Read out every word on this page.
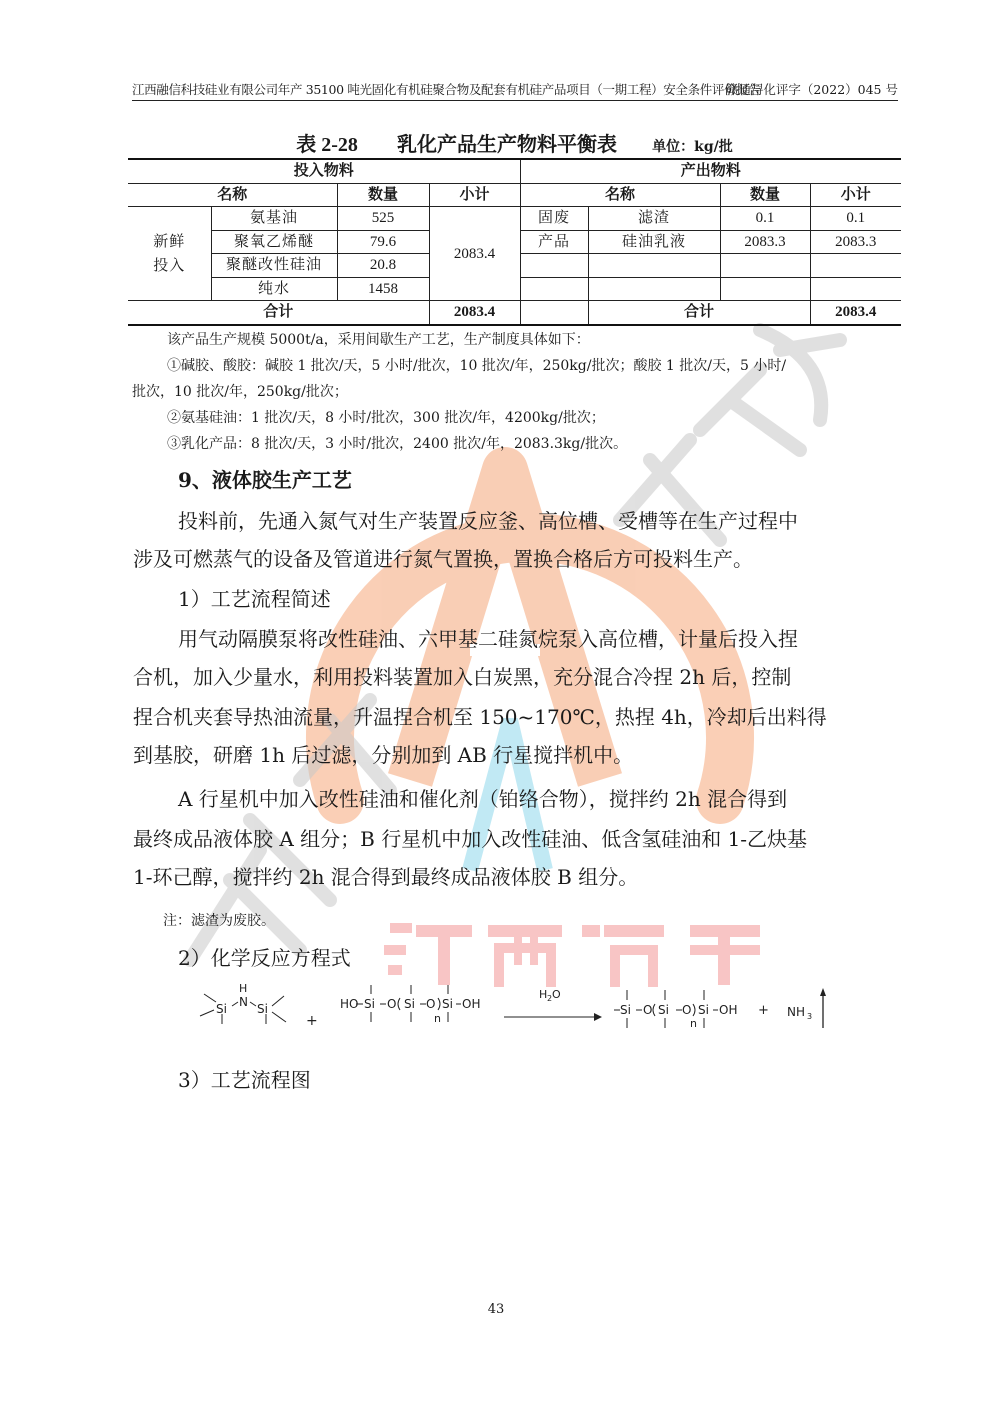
江西融信科技硅业有限公司年产 35100 吨光固化有机硅聚合物及配套有机硅产品项目（一期工程）安全条件评价报告
赣通浔化评字（2022）045 号
表 2-28 乳化产品生产物料平衡表	单位：kg/批
投入物料				产出物料			
名称		数量	小计	名称		数量	小计

新鲜
投入	氨基油	525	2083.4	固废	滤渣	0.1	0.1
	聚氧乙烯醚	79.6		产品	硅油乳液	2083.3	2083.3
	聚醚改性硅油	20.8					
	纯水	1458					
合计			2083.4		合计		2083.4
该产品生产规模 5000t/a，采用间歇生产工艺，生产制度具体如下：
①碱胶、酸胶：碱胶 1 批次/天，5 小时/批次，10 批次/年，250kg/批次；酸胶 1 批次/天，5 小时/
批次，10 批次/年，250kg/批次；
②氨基硅油：1 批次/天，8 小时/批次，300 批次/年，4200kg/批次；
③乳化产品：8 批次/天，3 小时/批次，2400 批次/年，2083.3kg/批次。
9、液体胶生产工艺
投料前，先通入氮气对生产装置反应釜、高位槽、受槽等在生产过程中
涉及可燃蒸气的设备及管道进行氮气置换，置换合格后方可投料生产。
1）工艺流程简述
用气动隔膜泵将改性硅油、六甲基二硅氮烷泵入高位槽，计量后投入捏
合机，加入少量水，利用投料装置加入白炭黑，充分混合冷捏 2h 后，控制
捏合机夹套导热油流量，升温捏合机至 150~170℃，热捏 4h，冷却后出料得
到基胶，研磨 1h 后过滤，分别加到 AB 行星搅拌机中。
A 行星机中加入改性硅油和催化剂（铂络合物），搅拌约 2h 混合得到
最终成品液体胶 A 组分；B 行星机中加入改性硅油、低含氢硅油和 1-乙炔基
1-环己醇，搅拌约 2h 混合得到最终成品液体胶 B 组分。
注：滤渣为废胶。
2）化学反应方程式
Si N
H
Si
+
HO Si O Si O Si OH
n
H 2 O
Si O Si O Si OH
n
+ NH 3
3）工艺流程图
43
